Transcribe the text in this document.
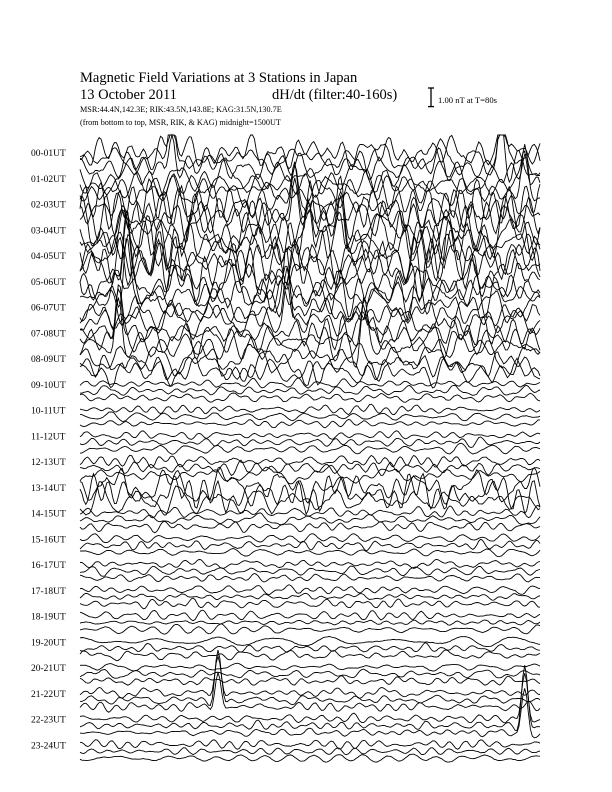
Magnetic Field Variations at 3 Stations in Japan
13 October 2011	dH/dt (filter:40-160s)
MSR:44.4N,142.3E; RIK:43.5N,143.8E; KAG:31.5N,130.7E
(from bottom to top, MSR, RIK, & KAG) midnight=1500UT
1.00 nT at T=80s
00-01UT
01-02UT
02-03UT
03-04UT
04-05UT
05-06UT
06-07UT
07-08UT
08-09UT
09-10UT
10-11UT
11-12UT
12-13UT
13-14UT
14-15UT
15-16UT
16-17UT
17-18UT
18-19UT
19-20UT
20-21UT
21-22UT
22-23UT
23-24UT
